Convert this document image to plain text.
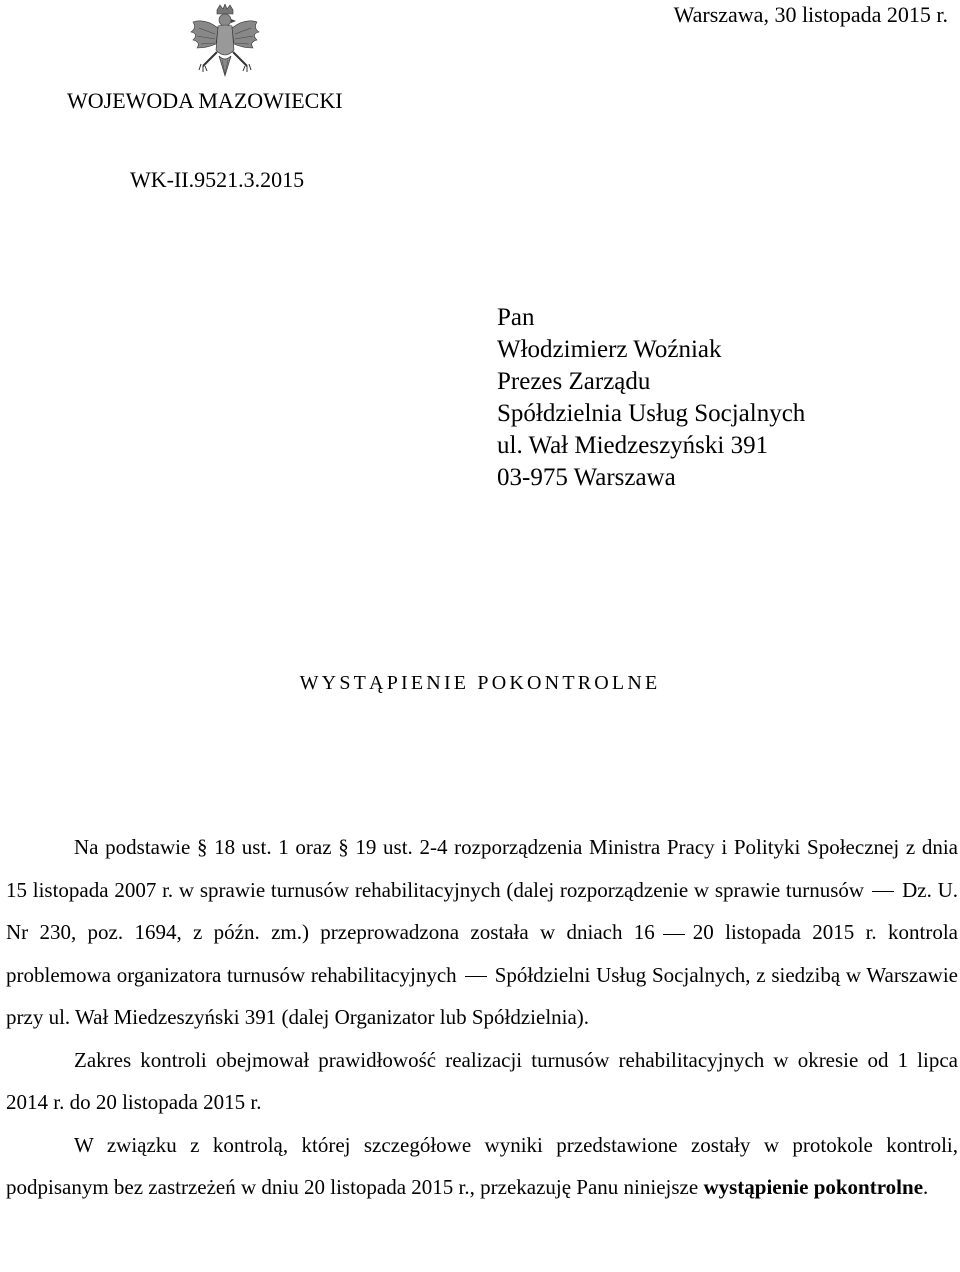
Warszawa, 30 listopada 2015 r.
WOJEWODA MAZOWIECKI
WK-II.9521.3.2015
Pan
Włodzimierz Woźniak
Prezes Zarządu
Spółdzielnia Usług Socjalnych
ul. Wał Miedzeszyński 391
03-975 Warszawa
WYSTĄPIENIE POKONTROLNE

Na podstawie § 18 ust. 1 oraz § 19 ust. 2-4 rozporządzenia Ministra Pracy i Polityki Społecznej z dnia 15 listopada 2007 r. w sprawie turnusów rehabilitacyjnych (dalej rozporządzenie w sprawie turnusów Dz. U. Nr 230, poz. 1694, z późn. zm.) przeprowadzona została w dniach 16 20 listopada 2015 r. kontrola problemowa organizatora turnusów rehabilitacyjnych Spółdzielni Usług Socjalnych, z siedzibą w Warszawie przy ul. Wał Miedzeszyński 391 (dalej Organizator lub Spółdzielnia).

Zakres kontroli obejmował prawidłowość realizacji turnusów rehabilitacyjnych w okresie od 1 lipca 2014 r. do 20 listopada 2015 r.

W związku z kontrolą, której szczegółowe wyniki przedstawione zostały w protokole kontroli, podpisanym bez zastrzeżeń w dniu 20 listopada 2015 r., przekazuję Panu niniejsze wystąpienie pokontrolne.
